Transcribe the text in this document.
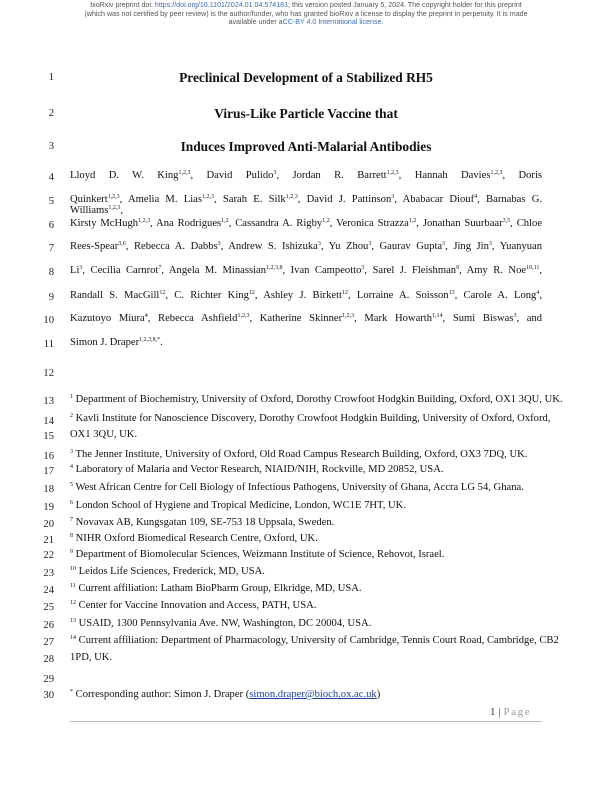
bioRxiv preprint doi: https://doi.org/10.1101/2024.01.04.574181; this version posted January 5, 2024. The copyright holder for this preprint
(which was not certified by peer review) is the author/funder, who has granted bioRxiv a license to display the preprint in perpetuity. It is made
available under aCC-BY 4.0 International license.
1
2
3
4
5
6
7
8
9
10
11
12
13
14
15
16
17
18
19
20
21
22
23
24
25
26
27
28
29
30
Preclinical Development of a Stabilized RH5
Virus-Like Particle Vaccine that
Induces Improved Anti-Malarial Antibodies
Lloyd D. W. King$^{1,2,3}$, David Pulido$^3$, Jordan R. Barrett$^{1,2,3}$, Hannah Davies$^{1,2,3}$, Doris
Quinkert$^{1,2,3}$, Amelia M. Lias$^{1,2,3}$, Sarah E. Silk$^{1,2,3}$, David J. Pattinson$^3$, Ababacar Diouf$^4$, Barnabas G. Williams$^{1,2,3}$,
Kirsty McHugh$^{1,2,3}$, Ana Rodrigues$^{1,2}$, Cassandra A. Rigby$^{1,2}$, Veronica Strazza$^{1,2}$, Jonathan Suurbaar$^{3,5}$, Chloe
Rees-Spear$^{3,6}$, Rebecca A. Dabbs$^3$, Andrew S. Ishizuka$^3$, Yu Zhou$^3$, Gaurav Gupta$^3$, Jing Jin$^3$, Yuanyuan
Li$^3$, Cecilia Carnrot$^7$, Angela M. Minassian$^{1,2,3,8}$, Ivan Campeotto$^3$, Sarel J. Fleishman$^9$, Amy R. Noe$^{10,11}$,
Randall S. MacGill$^{12}$, C. Richter King$^{12}$, Ashley J. Birkett$^{12}$, Lorraine A. Soisson$^{13}$, Carole A. Long$^4$,
Kazutoyo Miura$^4$, Rebecca Ashfield$^{1,2,3}$, Katherine Skinner$^{1,2,3}$, Mark Howarth$^{1,14}$, Sumi Biswas$^3$, and
Simon J. Draper$^{1,2,3,8,*}$.
$^1$ Department of Biochemistry, University of Oxford, Dorothy Crowfoot Hodgkin Building, Oxford, OX1 3QU, UK.
$^2$ Kavli Institute for Nanoscience Discovery, Dorothy Crowfoot Hodgkin Building, University of Oxford, Oxford,
OX1 3QU, UK.
$^3$ The Jenner Institute, University of Oxford, Old Road Campus Research Building, Oxford, OX3 7DQ, UK.
$^4$ Laboratory of Malaria and Vector Research, NIAID/NIH, Rockville, MD 20852, USA.
$^5$ West African Centre for Cell Biology of Infectious Pathogens, University of Ghana, Accra LG 54, Ghana.
$^6$ London School of Hygiene and Tropical Medicine, London, WC1E 7HT, UK.
$^7$ Novavax AB, Kungsgatan 109, SE-753 18 Uppsala, Sweden.
$^8$ NIHR Oxford Biomedical Research Centre, Oxford, UK.
$^9$ Department of Biomolecular Sciences, Weizmann Institute of Science, Rehovot, Israel.
$^{10}$ Leidos Life Sciences, Frederick, MD, USA.
$^{11}$ Current affiliation: Latham BioPharm Group, Elkridge, MD, USA.
$^{12}$ Center for Vaccine Innovation and Access, PATH, USA.
$^{13}$ USAID, 1300 Pennsylvania Ave. NW, Washington, DC 20004, USA.
$^{14}$ Current affiliation: Department of Pharmacology, University of Cambridge, Tennis Court Road, Cambridge, CB2
1PD, UK.
* Corresponding author: Simon J. Draper (simon.draper@bioch.ox.ac.uk)
1 | Page
